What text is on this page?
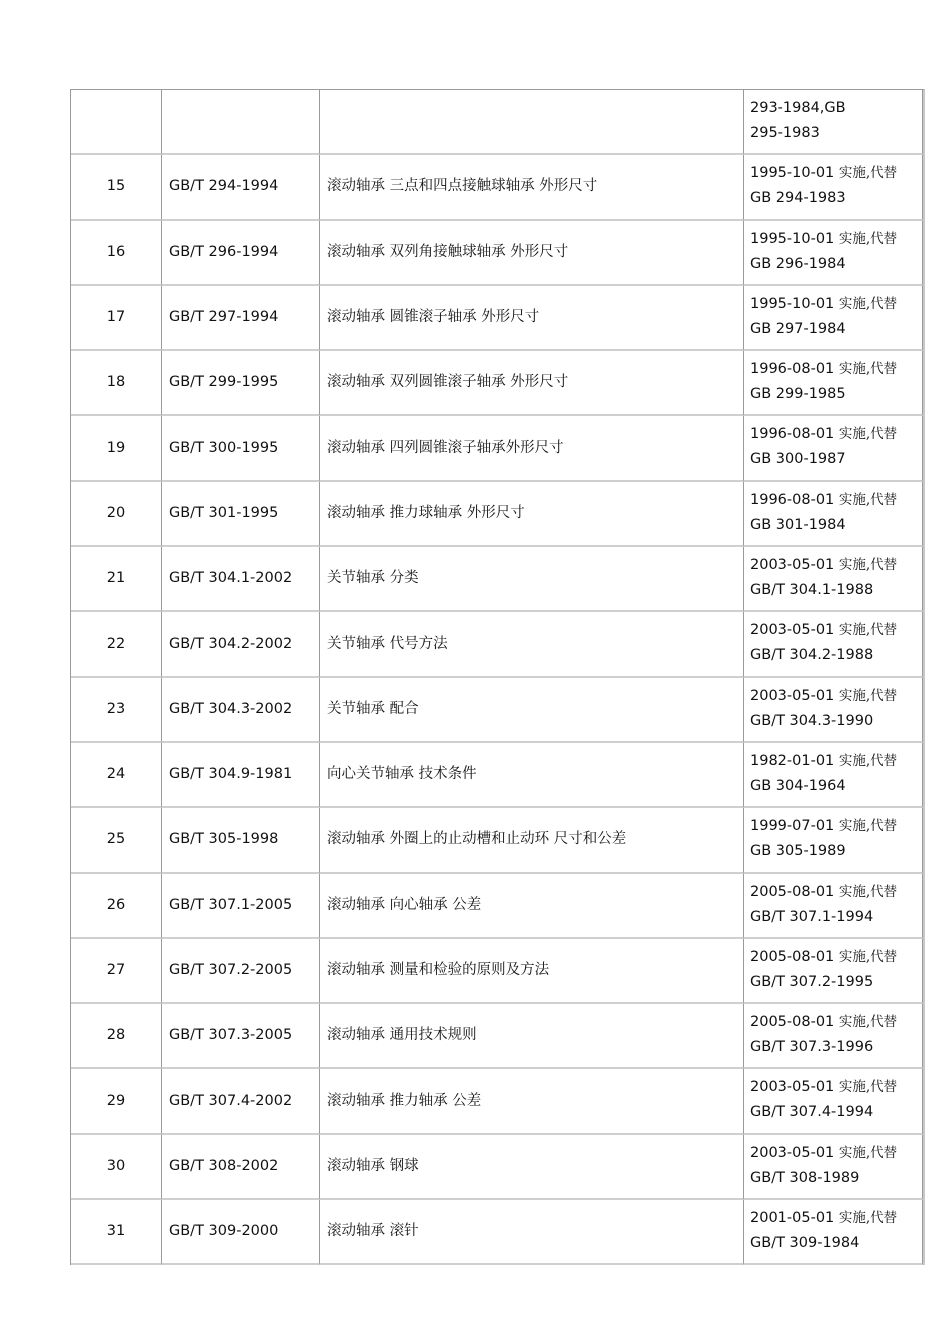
			293-1984,GB
295-1983

15	GB/T 294-1994	滚动轴承 三点和四点接触球轴承 外形尺寸	1995-10-01 实施,代替
GB 294-1983

16	GB/T 296-1994	滚动轴承 双列角接触球轴承 外形尺寸	1995-10-01 实施,代替
GB 296-1984

17	GB/T 297-1994	滚动轴承 圆锥滚子轴承 外形尺寸	1995-10-01 实施,代替
GB 297-1984

18	GB/T 299-1995	滚动轴承 双列圆锥滚子轴承 外形尺寸	1996-08-01 实施,代替
GB 299-1985

19	GB/T 300-1995	滚动轴承 四列圆锥滚子轴承外形尺寸	1996-08-01 实施,代替
GB 300-1987

20	GB/T 301-1995	滚动轴承 推力球轴承 外形尺寸	1996-08-01 实施,代替
GB 301-1984

21	GB/T 304.1-2002	关节轴承 分类	2003-05-01 实施,代替
GB/T 304.1-1988

22	GB/T 304.2-2002	关节轴承 代号方法	2003-05-01 实施,代替
GB/T 304.2-1988

23	GB/T 304.3-2002	关节轴承 配合	2003-05-01 实施,代替
GB/T 304.3-1990

24	GB/T 304.9-1981	向心关节轴承 技术条件	1982-01-01 实施,代替
GB 304-1964

25	GB/T 305-1998	滚动轴承 外圈上的止动槽和止动环 尺寸和公差	1999-07-01 实施,代替
GB 305-1989

26	GB/T 307.1-2005	滚动轴承 向心轴承 公差	2005-08-01 实施,代替
GB/T 307.1-1994

27	GB/T 307.2-2005	滚动轴承 测量和检验的原则及方法	2005-08-01 实施,代替
GB/T 307.2-1995

28	GB/T 307.3-2005	滚动轴承 通用技术规则	2005-08-01 实施,代替
GB/T 307.3-1996

29	GB/T 307.4-2002	滚动轴承 推力轴承 公差	2003-05-01 实施,代替
GB/T 307.4-1994

30	GB/T 308-2002	滚动轴承 钢球	2003-05-01 实施,代替
GB/T 308-1989

31	GB/T 309-2000	滚动轴承 滚针	2001-05-01 实施,代替
GB/T 309-1984
